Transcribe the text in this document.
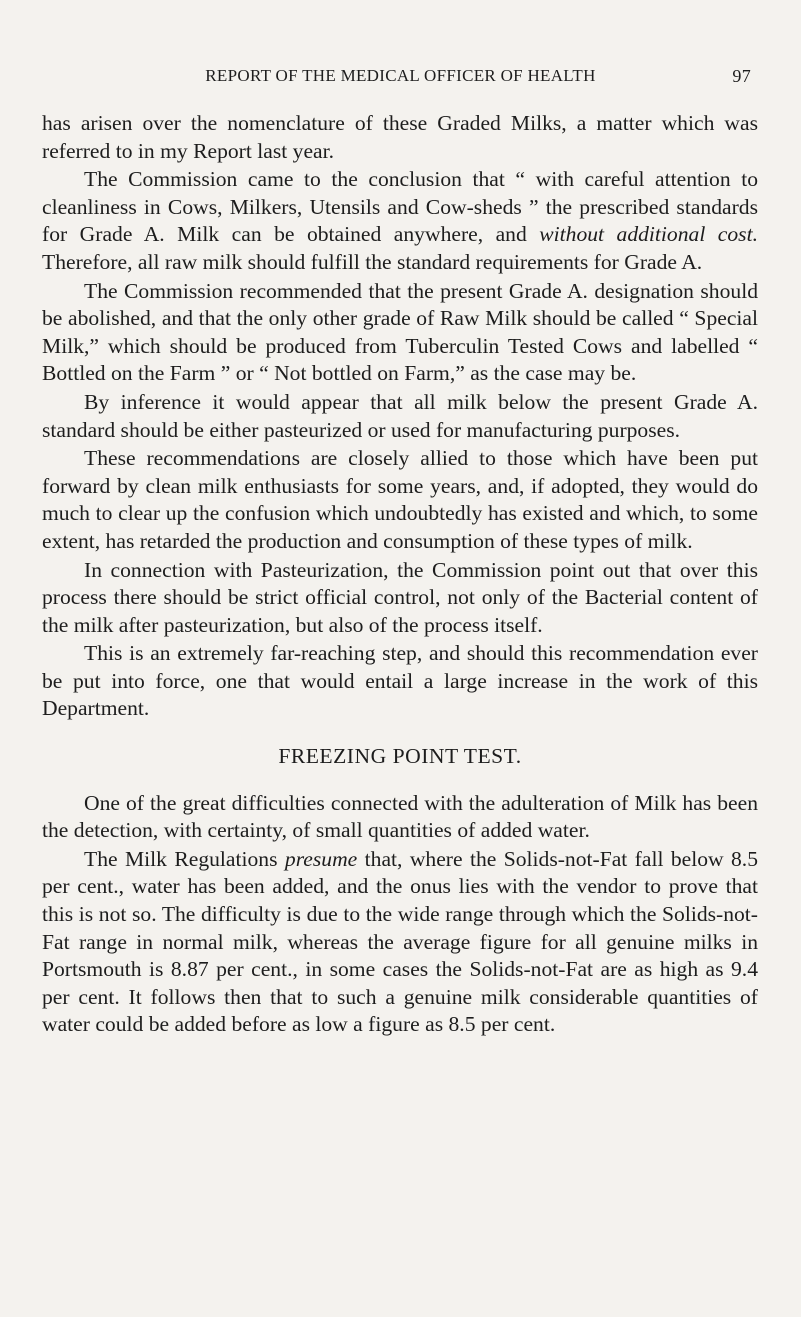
REPORT OF THE MEDICAL OFFICER OF HEALTH	97

has arisen over the nomenclature of these Graded Milks, a matter which was referred to in my Report last year.

The Commission came to the conclusion that “ with careful attention to cleanliness in Cows, Milkers, Utensils and Cow-sheds ” the prescribed standards for Grade A. Milk can be obtained anywhere, and without additional cost. Therefore, all raw milk should fulfill the standard requirements for Grade A.

The Commission recommended that the present Grade A. designation should be abolished, and that the only other grade of Raw Milk should be called “ Special Milk,” which should be produced from Tuberculin Tested Cows and labelled “ Bottled on the Farm ” or “ Not bottled on Farm,” as the case may be.

By inference it would appear that all milk below the present Grade A. standard should be either pasteurized or used for manufacturing purposes.

These recommendations are closely allied to those which have been put forward by clean milk enthusiasts for some years, and, if adopted, they would do much to clear up the confusion which undoubtedly has existed and which, to some extent, has retarded the production and consumption of these types of milk.

In connection with Pasteurization, the Commission point out that over this process there should be strict official control, not only of the Bacterial content of the milk after pasteurization, but also of the process itself.

This is an extremely far-reaching step, and should this recommendation ever be put into force, one that would entail a large increase in the work of this Department.

FREEZING POINT TEST.

One of the great difficulties connected with the adulteration of Milk has been the detection, with certainty, of small quantities of added water.

The Milk Regulations presume that, where the Solids-not-Fat fall below 8.5 per cent., water has been added, and the onus lies with the vendor to prove that this is not so. The difficulty is due to the wide range through which the Solids-not-Fat range in normal milk, whereas the average figure for all genuine milks in Portsmouth is 8.87 per cent., in some cases the Solids-not-Fat are as high as 9.4 per cent. It follows then that to such a genuine milk considerable quantities of water could be added before as low a figure as 8.5 per cent.
